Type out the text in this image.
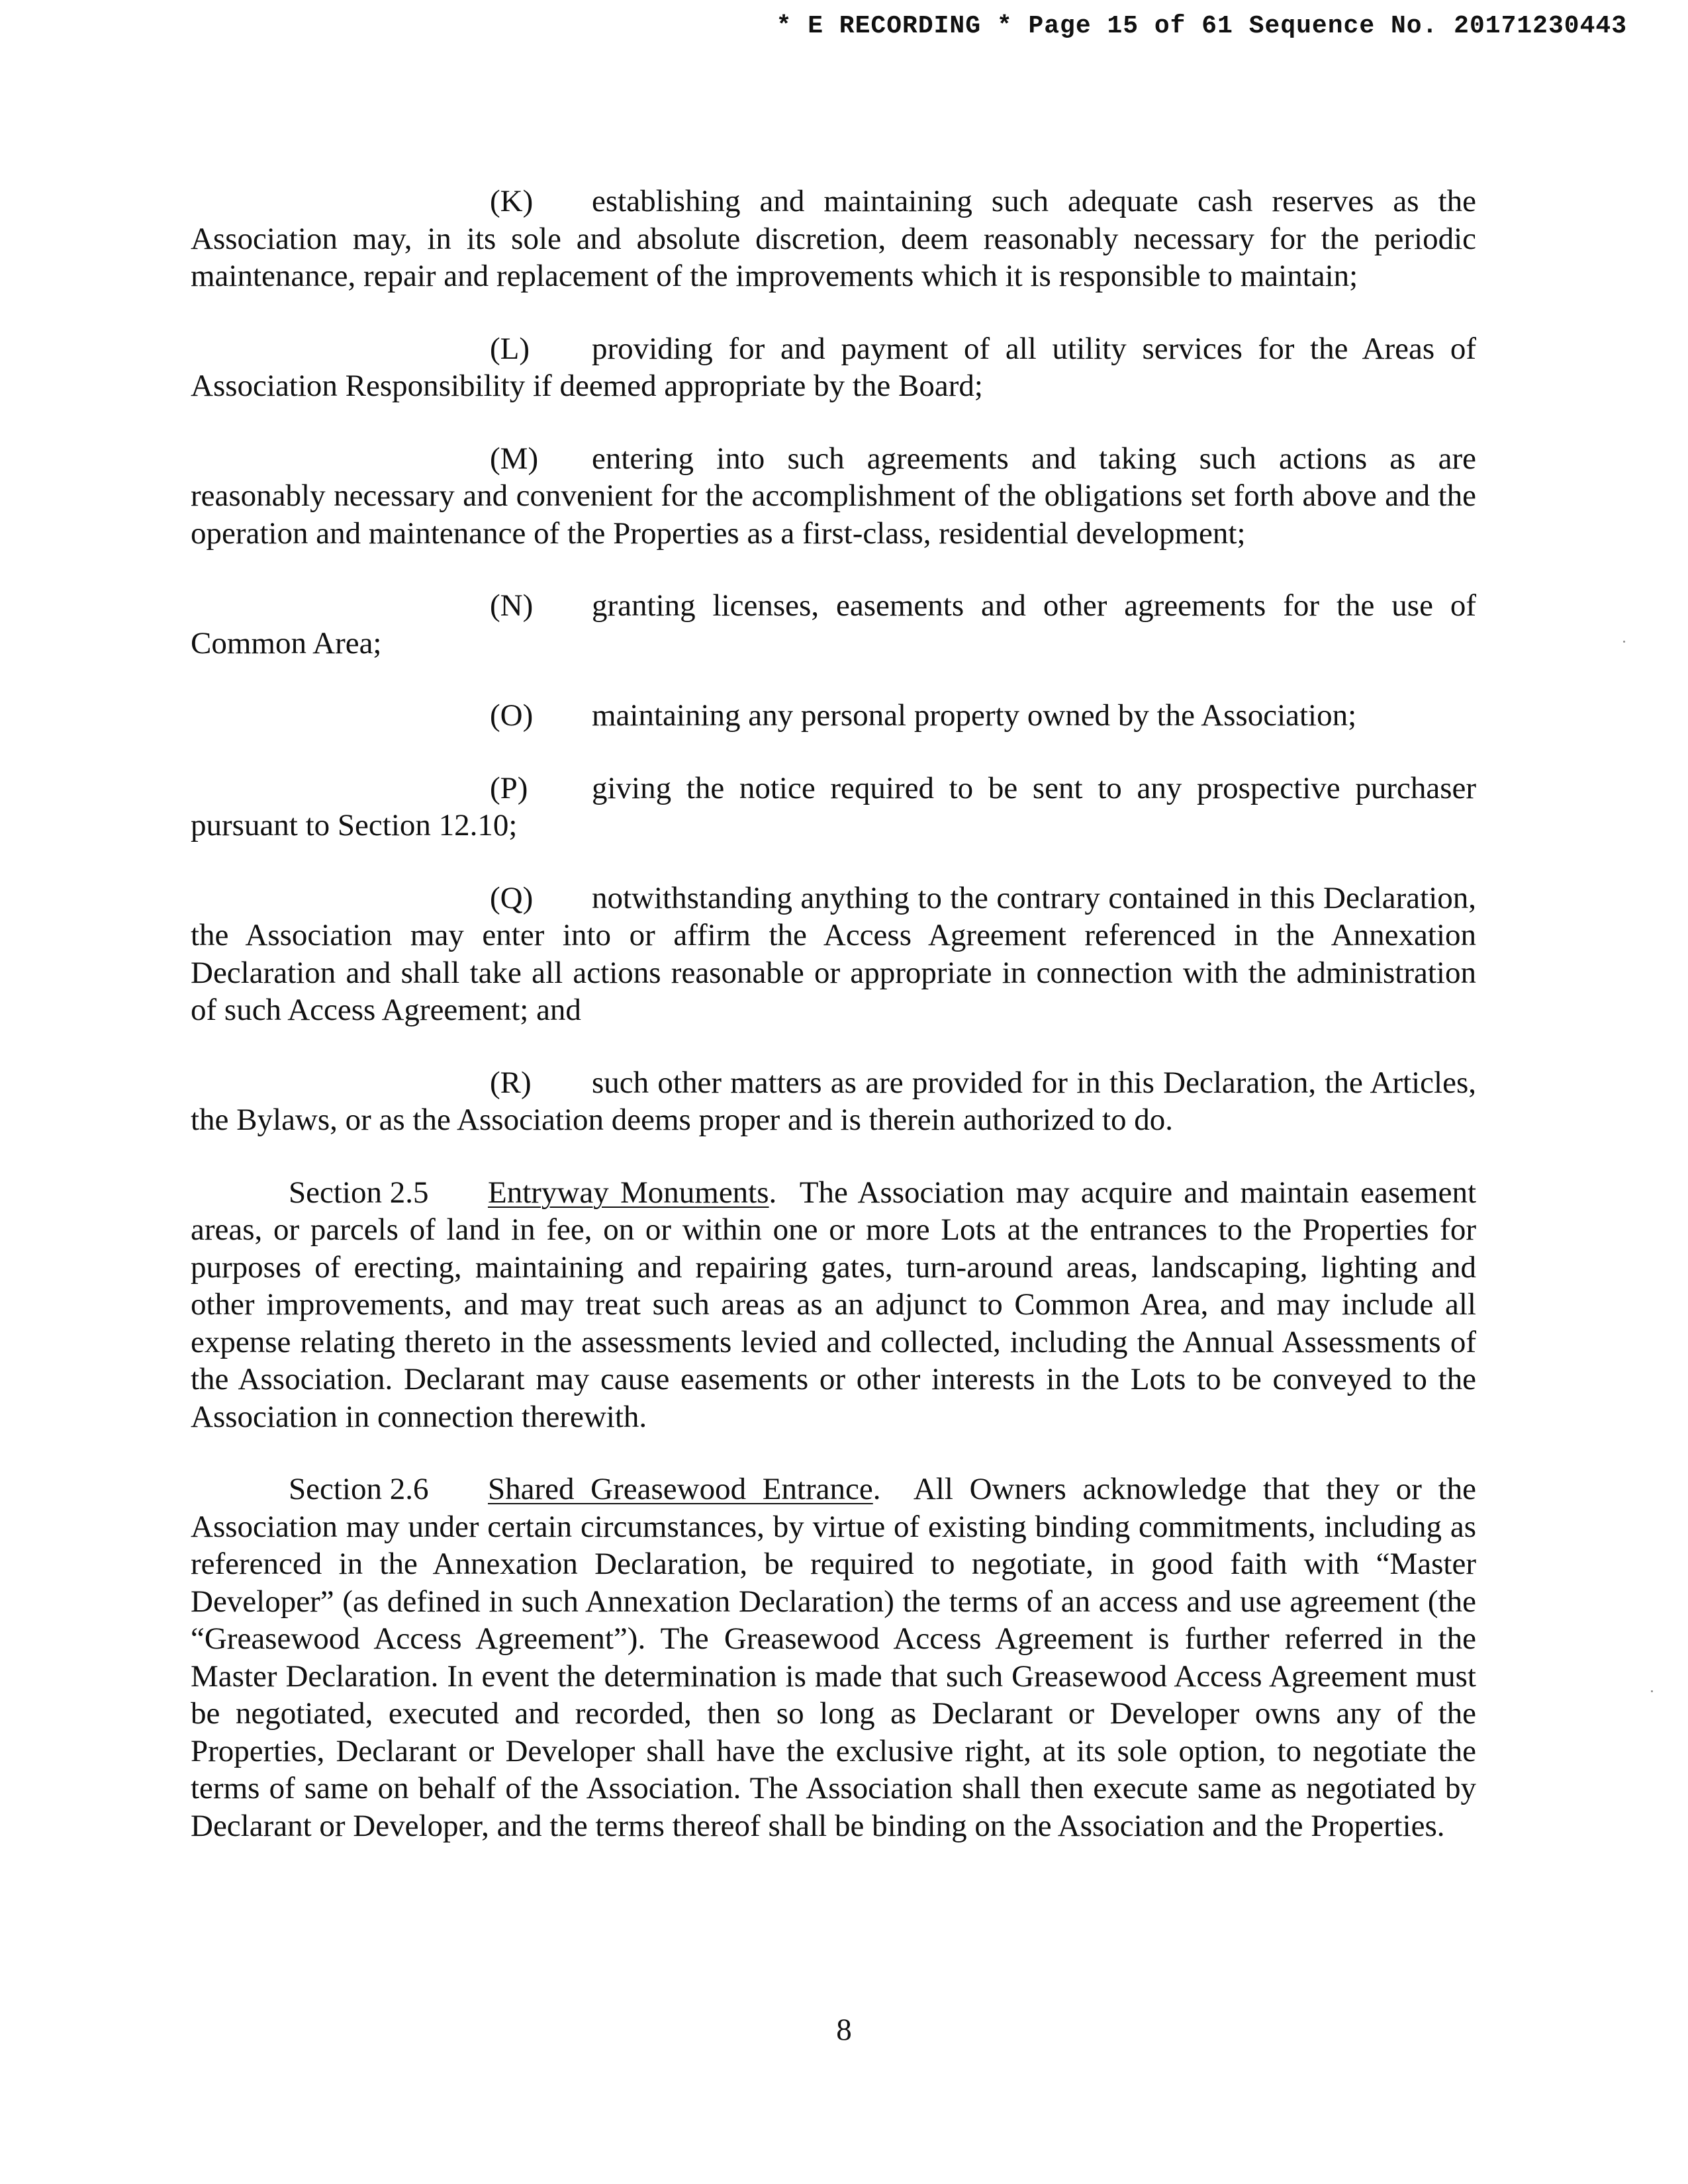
* E RECORDING * Page 15 of 61 Sequence No. 20171230443

(K) establishing and maintaining such adequate cash reserves as the Association may, in its sole and absolute discretion, deem reasonably necessary for the periodic maintenance, repair and replacement of the improvements which it is responsible to maintain;

(L) providing for and payment of all utility services for the Areas of Association Responsibility if deemed appropriate by the Board;

(M) entering into such agreements and taking such actions as are reasonably necessary and convenient for the accomplishment of the obligations set forth above and the operation and maintenance of the Properties as a first-class, residential development;

(N)	granting licenses, easements and other agreements for the use of
Common Area;
(O) maintaining any personal property owned by the Association;
(P)	giving the notice required to be sent to any prospective purchaser
pursuant to Section 12.10;

(Q) notwithstanding anything to the contrary contained in this Declaration, the Association may enter into or affirm the Access Agreement referenced in the Annexation Declaration and shall take all actions reasonable or appropriate in connection with the administration of such Access Agreement; and

(R) such other matters as are provided for in this Declaration, the Articles, the Bylaws, or as the Association deems proper and is therein authorized to do.

Section 2.5 Entryway Monuments.  The Association may acquire and maintain easement areas, or parcels of land in fee, on or within one or more Lots at the entrances to the Properties for purposes of erecting, maintaining and repairing gates, turn-around areas, landscaping, lighting and other improvements, and may treat such areas as an adjunct to Common Area, and may include all expense relating thereto in the assessments levied and collected, including the Annual Assessments of the Association. Declarant may cause easements or other interests in the Lots to be conveyed to the Association in connection therewith.

Section 2.6 Shared Greasewood Entrance.  All Owners acknowledge that they or the Association may under certain circumstances, by virtue of existing binding commitments, including as referenced in the Annexation Declaration, be required to negotiate, in good faith with “Master Developer” (as defined in such Annexation Declaration) the terms of an access and use agreement (the “Greasewood Access Agreement”). The Greasewood Access Agreement is further referred in the Master Declaration. In event the determination is made that such Greasewood Access Agreement must be negotiated, executed and recorded, then so long as Declarant or Developer owns any of the Properties, Declarant or Developer shall have the exclusive right, at its sole option, to negotiate the terms of same on behalf of the Association. The Association shall then execute same as negotiated by Declarant or Developer, and the terms thereof shall be binding on the Association and the Properties.

8
